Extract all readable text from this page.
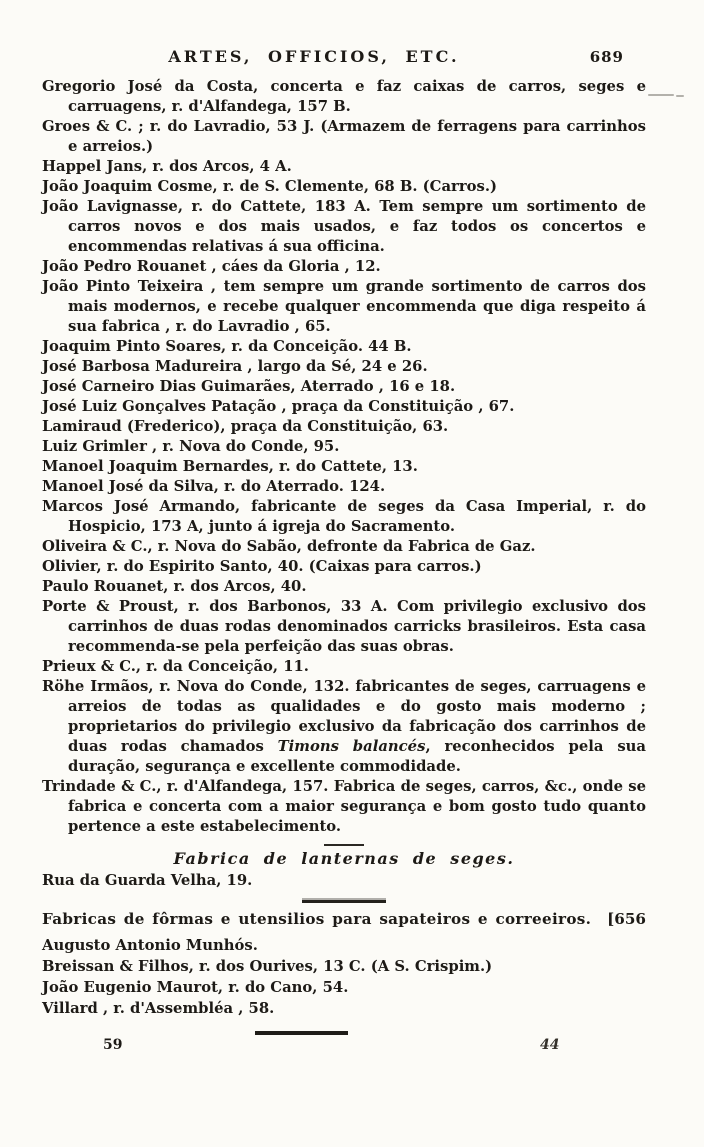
ARTES, OFFICIOS, ETC.	689

Gregorio José da Costa, concerta e faz caixas de carros, seges e carruagens, r. d'Alfandega, 157 B.

Groes & C. ; r. do Lavradio, 53 J. (Armazem de ferragens para carrinhos e arreios.)

Happel Jans, r. dos Arcos, 4 A.

João Joaquim Cosme, r. de S. Clemente, 68 B. (Carros.)

João Lavignasse, r. do Cattete, 183 A. Tem sempre um sortimento de carros novos e dos mais usados, e faz todos os concertos e encommendas relativas á sua officina.

João Pedro Rouanet , cáes da Gloria , 12.

João Pinto Teixeira , tem sempre um grande sortimento de carros dos mais modernos, e recebe qualquer encommenda que diga respeito á sua fabrica , r. do Lavradio , 65.

Joaquim Pinto Soares, r. da Conceição. 44 B.

José Barbosa Madureira , largo da Sé, 24 e 26.

José Carneiro Dias Guimarães, Aterrado , 16 e 18.

José Luiz Gonçalves Patação , praça da Constituição , 67.

Lamiraud (Frederico), praça da Constituição, 63.

Luiz Grimler , r. Nova do Conde, 95.

Manoel Joaquim Bernardes, r. do Cattete, 13.

Manoel José da Silva, r. do Aterrado. 124.

Marcos José Armando, fabricante de seges da Casa Imperial, r. do Hospicio, 173 A, junto á igreja do Sacramento.

Oliveira & C., r. Nova do Sabão, defronte da Fabrica de Gaz.

Olivier, r. do Espirito Santo, 40. (Caixas para carros.)

Paulo Rouanet, r. dos Arcos, 40.

Porte & Proust, r. dos Barbonos, 33 A. Com privilegio exclusivo dos carrinhos de duas rodas denominados carricks brasileiros. Esta casa recommenda-se pela perfeição das suas obras.

Prieux & C., r. da Conceição, 11.

Röhe Irmãos, r. Nova do Conde, 132. fabricantes de seges, carruagens e arreios de todas as qualidades e do gosto mais moderno ; proprietarios do privilegio exclusivo da fabricação dos carrinhos de duas rodas chamados Timons balancés, reconhecidos pela sua duração, segurança e excellente commodidade.

Trindade & C., r. d'Alfandega, 157. Fabrica de seges, carros, &c., onde se fabrica e concerta com a maior segurança e bom gosto tudo quanto pertence a este estabelecimento.

Fabrica de lanternas de seges.

Rua da Guarda Velha, 19.

Fabricas de fôrmas e utensilios para sapateiros e correeiros. [656

Augusto Antonio Munhós.

Breissan & Filhos, r. dos Ourives, 13 C. (A S. Crispim.)

João Eugenio Maurot, r. do Cano, 54.

Villard , r. d'Assembléa , 58.

59	44
